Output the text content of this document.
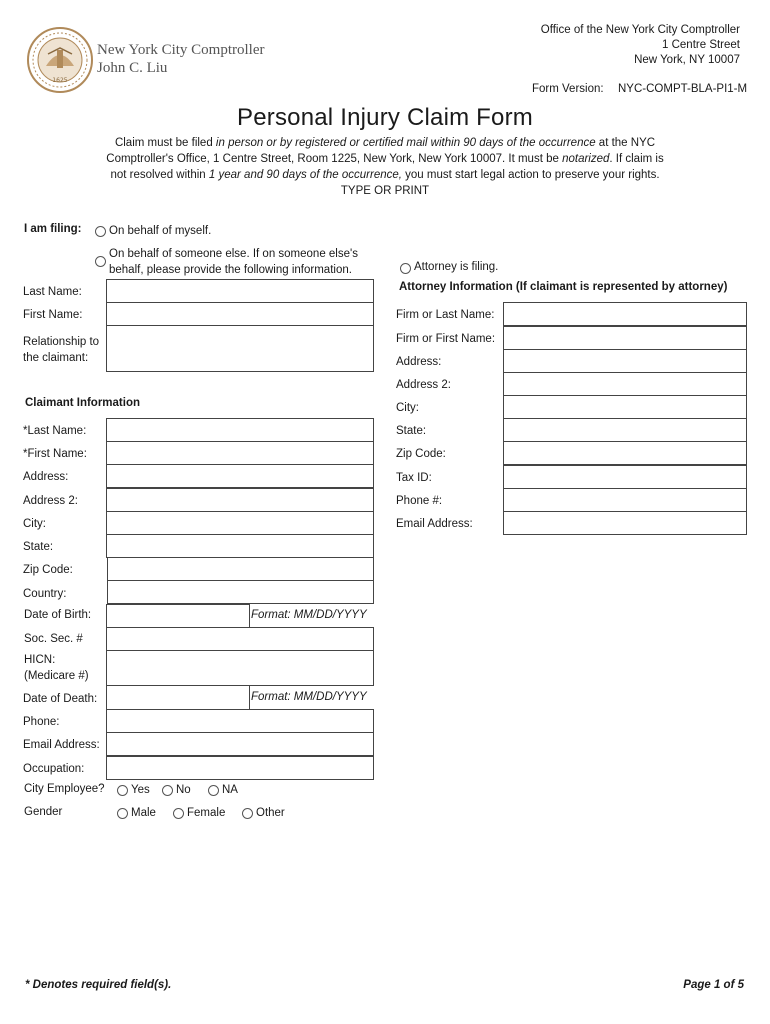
1625
New York City Comptroller
John C. Liu
Office of the New York City Comptroller
1 Centre Street
New York, NY 10007
Form Version: NYC-COMPT-BLA-PI1-M
Personal Injury Claim Form
Claim must be filed in person or by registered or certified mail within 90 days of the occurrence at the NYC
Comptroller's Office, 1 Centre Street, Room 1225, New York, New York 10007. It must be notarized. If claim is
not resolved within 1 year and 90 days of the occurrence, you must start legal action to preserve your rights.
TYPE OR PRINT
I am filing: On behalf of myself.
On behalf of someone else. If on someone else's
behalf, please provide the following information.	Attorney is filing.
Last Name:
First Name:
Relationship to
the claimant:
Attorney Information (If claimant is represented by attorney)
Firm or Last Name:
Firm or First Name:
Address:
Address 2:
City:
State:
Zip Code:
Tax ID:
Phone #:
Email Address:
Claimant Information
*Last Name:
*First Name:
Address:
Address 2:
City:
State:
Zip Code:
Country:
Date of Birth:	Format: MM/DD/YYYY
Soc. Sec. #
HICN:
(Medicare #)
Date of Death:	Format: MM/DD/YYYY
Phone:
Email Address:
Occupation:
City Employee? Yes No	NA
Gender	Male	Female	Other
* Denotes required field(s).	Page 1 of 5
